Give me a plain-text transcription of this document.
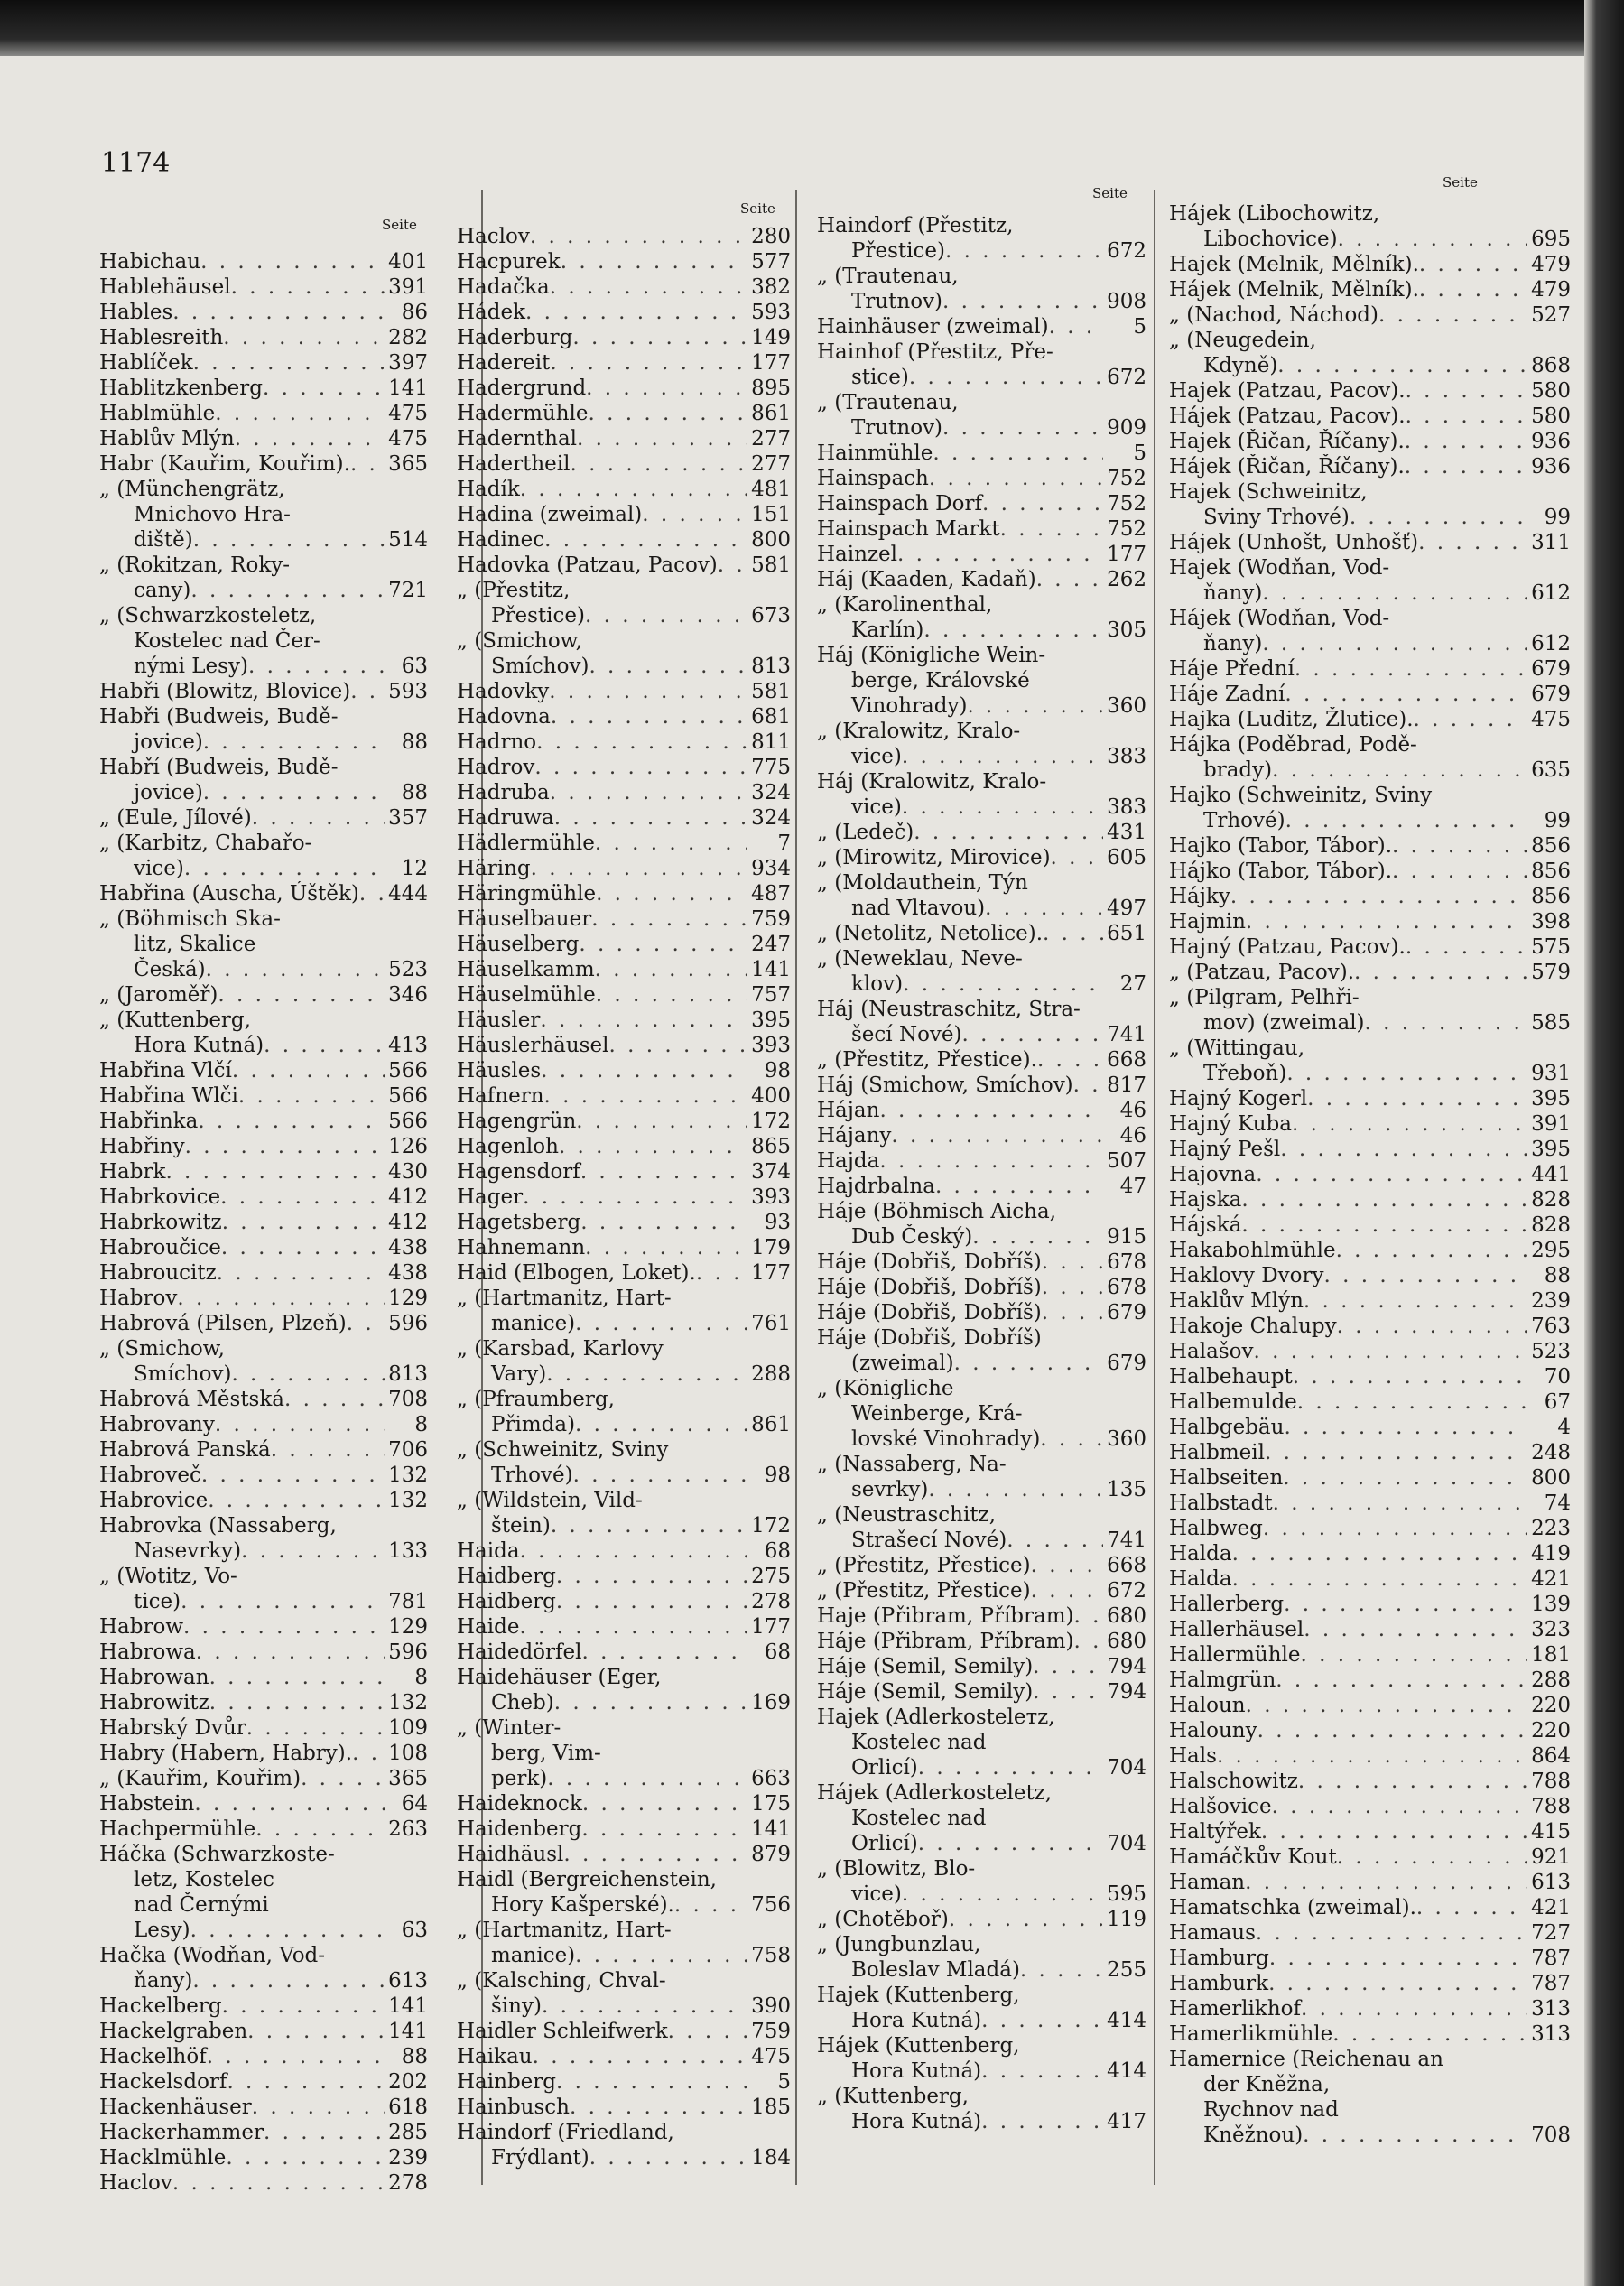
1174
Seite
Seite
Seite
Seite
Habichau . . .	401
Hablehäusel . . .	391
Hables . . .	86
Hablesreith . . .	282
Hablíček . . .	397
Hablitzkenberg . . .	141
Hablmühle . . .	475
Hablův Mlýn . . .	475
Habr (Kauřim, Kouřim). . . . 365
„ (Münchengrätz,
Mnichovo Hra-
diště) . . .	514
„ (Rokitzan, Roky-
cany) . . .	721
„ (Schwarzkosteletz,
Kostelec nad Čer-
nými Lesy) . . .	63
Habři (Blowitz, Blovice) . . . 593
Habři (Budweis, Budě-
jovice) . . .	88
Habří (Budweis, Budě-
jovice) . . .	88
„ (Eule, Jílové) . . .	357
„ (Karbitz, Chabařo-
vice) . . .	12
Habřina (Auscha, Úštěk) . . . 444
„ (Böhmisch Ska-
litz, Skalice
Česká) . . .	523
„ (Jaroměř) . . .	346
„ (Kuttenberg,
Hora Kutná) . . .	413
Habřina Vlčí . . .	566
Habřina Wlči . . .	566
Habřinka . . .	566
Habřiny . . .	126
Habrk . . .	430
Habrkovice . . .	412
Habrkowitz . . .	412
Habroučice . . .	438
Habroucitz . . .	438
Habrov . . .	129
Habrová (Pilsen, Plzeň) . . . 596
„ (Smichow,
Smíchov) . . .	813
Habrová Městská . . .	708
Habrovany . . .	8
Habrová Panská . . .	706
Habroveč . . .	132
Habrovice . . .	132
Habrovka (Nassaberg,
Nasevrky) . . .	133
„ (Wotitz, Vo-
tice) . . .	781
Habrow . . .	129
Habrowa . . .	596
Habrowan . . .	8
Habrowitz . . .	132
Habrský Dvůr . . .	109
Habry (Habern, Habry). . . . 108
„ (Kauřim, Kouřim) . . .	365
Habstein . . .	64
Hachpermühle . . .	263
Háčka (Schwarzkoste-
letz, Kostelec
nad Černými
Lesy) . . .	63
Hačka (Wodňan, Vod-
ňany) . . .	613
Hackelberg . . .	141
Hackelgraben . . .	141
Hackelhöf . . .	88
Hackelsdorf . . .	202
Hackenhäuser . . .	618
Hackerhammer . . .	285
Hacklmühle . . .	239
Haclov . . .	278
Haclov . . .	280
Hacpurek . . .	577
Hadačka . . .	382
Hádek . . .	593
Haderburg . . .	149
Hadereit . . .	177
Hadergrund . . .	895
Hadermühle . . .	861
Hadernthal . . .	277
Hadertheil . . .	277
Hadík . . .	481
Hadina (zweimal) . . .	151
Hadinec . . .	800
Hadovka (Patzau, Pacov) . . . 581
„ (Přestitz,
Přestice) . . .	673
„ (Smichow,
Smíchov) . . .	813
Hadovky . . .	581
Hadovna . . .	681
Hadrno . . .	811
Hadrov . . .	775
Hadruba . . .	324
Hadruwa . . .	324
Hädlermühle . . .	7
Häring . . .	934
Häringmühle . . .	487
Häuselbauer . . .	759
Häuselberg . . .	247
Häuselkamm . . .	141
Häuselmühle . . .	757
Häusler . . .	395
Häuslerhäusel . . .	393
Häusles . . .	98
Hafnern . . .	400
Hagengrün . . .	172
Hagenloh . . .	865
Hagensdorf . . .	374
Hager . . .	393
Hagetsberg . . .	93
Hahnemann . . .	179
Haid (Elbogen, Loket). . . .	177
„ (Hartmanitz, Hart-
manice) . . .	761
„ (Karsbad, Karlovy
Vary) . . .	288
„ (Pfraumberg,
Přimda) . . .	861
„ (Schweinitz, Sviny
Trhové) . . .	98
„ (Wildstein, Vild-
štein) . . .	172
Haida . . .	68
Haidberg . . .	275
Haidberg . . .	278
Haide . . .	177
Haidedörfel . . .	68
Haidehäuser (Eger,
Cheb) . . .	169
„ (Winter-
berg, Vim-
perk) . . .	663
Haideknock . . .	175
Haidenberg . . .	141
Haidhäusl . . .	879
Haidl (Bergreichenstein,
Hory Kašperské). . . .	756
„ (Hartmanitz, Hart-
manice) . . .	758
„ (Kalsching, Chval-
šiny) . . .	390
Haidler Schleifwerk . . .	759
Haikau . . .	475
Hainberg . . .	5
Hainbusch . . .	185
Haindorf (Friedland,
Frýdlant) . . .	184
Haindorf (Přestitz,
Přestice) . . .	672
„ (Trautenau,
Trutnov) . . .	908
Hainhäuser (zweimal) . . .	5
Hainhof (Přestitz, Pře-
stice) . . .	672
„ (Trautenau,
Trutnov) . . .	909
Hainmühle . . .	5
Hainspach . . .	752
Hainspach Dorf . . .	752
Hainspach Markt . . .	752
Hainzel . . .	177
Háj (Kaaden, Kadaň) . . .	262
„ (Karolinenthal,
Karlín) . . .	305
Háj (Königliche Wein-
berge, Královské
Vinohrady) . . .	360
„ (Kralowitz, Kralo-
vice) . . .	383
Háj (Kralowitz, Kralo-
vice) . . .	383
„ (Ledeč) . . .	431
„ (Mirowitz, Mirovice) . . .	605
„ (Moldauthein, Týn
nad Vltavou) . . .	497
„ (Netolitz, Netolice). . . .	651
„ (Neweklau, Neve-
klov) . . .	27
Háj (Neustraschitz, Stra-
šecí Nové) . . .	741
„ (Přestitz, Přestice). . . .	668
Háj (Smichow, Smíchov) . . . 817
Hájan . . .	46
Hájany . . .	46
Hajda . . .	507
Hajdrbalna . . .	47
Háje (Böhmisch Aicha,
Dub Český) . . .	915
Háje (Dobřiš, Dobříš) . . .	678
Háje (Dobřiš, Dobříš) . . .	678
Háje (Dobřiš, Dobříš) . . .	679
Háje (Dobřiš, Dobříš)
(zweimal) . . .	679
„ (Königliche
Weinberge, Krá-
lovské Vinohrady) . . .	360
„ (Nassaberg, Na-
sevrky) . . .	135
„ (Neustraschitz,
Strašecí Nové) . . .	741
„ (Přestitz, Přestice) . . .	668
„ (Přestitz, Přestice) . . .	672
Haje (Přibram, Příbram) . . . 680
Háje (Přibram, Příbram) . . . 680
Háje (Semil, Semily) . . .	794
Háje (Semil, Semily) . . .	794
Hajek (Adlerkostelетz,
Kostelec nad
Orlicí) . . .	704
Hájek (Adlerkosteletz,
Kostelec nad
Orlicí) . . .	704
„ (Blowitz, Blo-
vice) . . .	595
„ (Chotěboř) . . .	119
„ (Jungbunzlau,
Boleslav Mladá) . . .	255
Hajek (Kuttenberg,
Hora Kutná) . . .	414
Hájek (Kuttenberg,
Hora Kutná) . . .	414
„ (Kuttenberg,
Hora Kutná) . . .	417
Hájek (Libochowitz,
Libochovice) . . .	695
Hajek (Melnik, Mělník). . . .	479
Hájek (Melnik, Mělník). . . .	479
„ (Nachod, Náchod) . . .	527
„ (Neugedein,
Kdyně) . . .	868
Hajek (Patzau, Pacov). . . .	580
Hájek (Patzau, Pacov). . . .	580
Hajek (Řičan, Říčany). . . .	936
Hájek (Řičan, Říčany). . . .	936
Hajek (Schweinitz,
Sviny Trhové) . . .	99
Hájek (Unhošt, Unhošť) . . .	311
Hajek (Wodňan, Vod-
ňany) . . .	612
Hájek (Wodňan, Vod-
ňany) . . .	612
Háje Přední . . .	679
Háje Zadní . . .	679
Hajka (Luditz, Žlutice). . . .	475
Hájka (Poděbrad, Podě-
brady) . . .	635
Hajko (Schweinitz, Sviny
Trhové) . . .	99
Hajko (Tabor, Tábor). . . .	856
Hájko (Tabor, Tábor). . . .	856
Hájky . . .	856
Hajmin . . .	398
Hajný (Patzau, Pacov). . . .	575
„ (Patzau, Pacov). . . .	579
„ (Pilgram, Pelhři-
mov) (zweimal) . . .	585
„ (Wittingau,
Třeboň) . . .	931
Hajný Kogerl . . .	395
Hajný Kuba . . .	391
Hajný Pešl . . .	395
Hajovna . . .	441
Hajska . . .	828
Hájská . . .	828
Hakabohlmühle . . .	295
Haklovy Dvory . . .	88
Haklův Mlýn . . .	239
Hakoje Chalupy . . .	763
Halašov . . .	523
Halbehaupt . . .	70
Halbemulde . . .	67
Halbgebäu . . .	4
Halbmeil . . .	248
Halbseiten . . .	800
Halbstadt . . .	74
Halbweg . . .	223
Halda . . .	419
Halda . . .	421
Hallerberg . . .	139
Hallerhäusel . . .	323
Hallermühle . . .	181
Halmgrün . . .	288
Haloun . . .	220
Halouny . . .	220
Hals . . .	864
Halschowitz . . .	788
Halšovice . . .	788
Haltýřek . . .	415
Hamáčkův Kout . . .	921
Haman . . .	613
Hamatschka (zweimal). . . .	421
Hamaus . . .	727
Hamburg . . .	787
Hamburk . . .	787
Hamerlikhof . . .	313
Hamerlikmühle . . .	313
Hamernice (Reichenau an
der Kněžna,
Rychnov nad
Kněžnou) . . .	708
